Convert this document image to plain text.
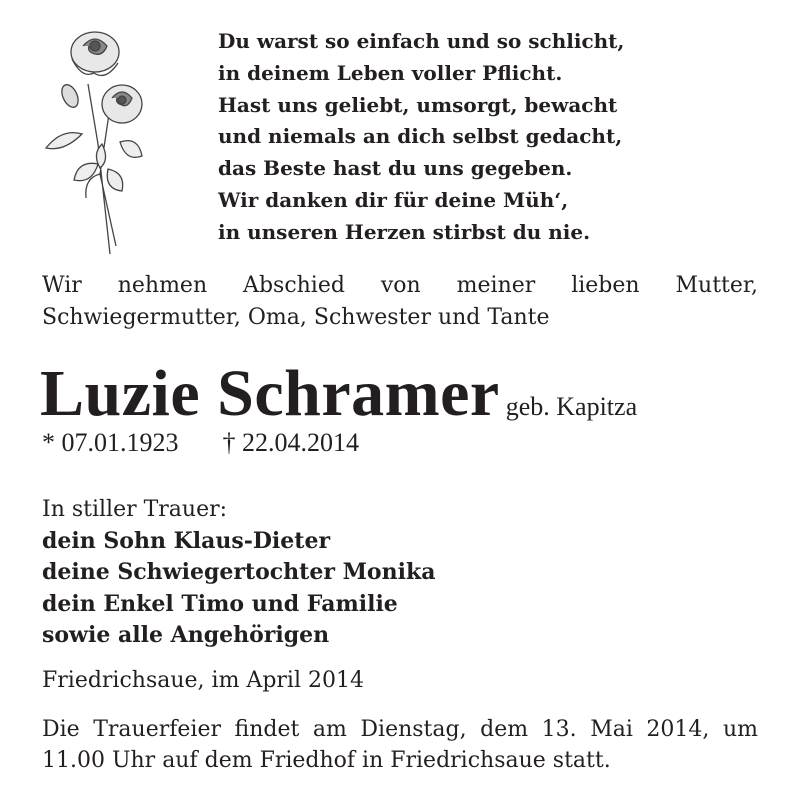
Du warst so einfach und so schlicht,
in deinem Leben voller Pflicht.
Hast uns geliebt, umsorgt, bewacht
und niemals an dich selbst gedacht,
das Beste hast du uns gegeben.
Wir danken dir für deine Müh‘,
in unseren Herzen stirbst du nie.
Wir nehmen Abschied von meiner lieben Mutter,
Schwiegermutter, Oma, Schwester und Tante
Luzie Schramer geb. Kapitza
* 07.01.1923 † 22.04.2014
In stiller Trauer:
dein Sohn Klaus-Dieter
deine Schwiegertochter Monika
dein Enkel Timo und Familie
sowie alle Angehörigen
Friedrichsaue, im April 2014
Die Trauerfeier findet am Dienstag, dem 13. Mai 2014, um
11.00 Uhr auf dem Friedhof in Friedrichsaue statt.
